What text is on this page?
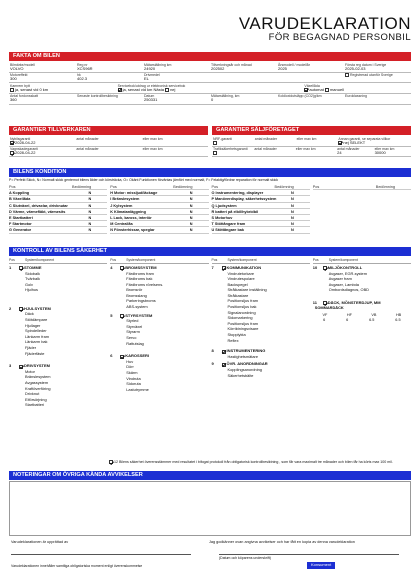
VARUDEKLARATION
FÖR BEGAGNAD PERSONBIL
FAKTA OM BILEN
Bilmärke/modell
VOLVO
Reg nr
XCS96R
Mätarställning km
24920
Tillverkningsår och månad
202502
Årsmodell / modellår
2025
Första reg datum i Sverige
2025-02-03
Motoreffekt
300
hk
402.3
Drivmedel
EL
Registrerad utanför Sverige
Kamrem bytt
ja, senast vid 0 km
Servicebok/utdrag ur elektronisk servicebok
ja, senast vid km Nästa nej
Växellåda
automat manuell
Antal fordonsskatt
360
Senaste kontrollbesiktning	Datum
250331
Mätarställning, km
0
Koldioxidutsläpp (CO2)g/km	Euroklassning
GARANTIER TILLVERKAREN	GARANTIER SÄLJFÖRETAGET
Nybilsgaranti
2028-04-22
antal månader	eller max km
Vagnskadegaranti
2028-04-22
antal månader	eller max km
NRF-garanti	antal månader	eller max km	Annan garanti, se separata villkor
nej SELEKT
Trafiksäkerhetsgaranti	antal månader	eller max km	antal månader
24
eller max km
30000
BILENS KONDITION
P= Perfekt Skick, N= Normalt skick gentemot bilens ålder och körsträcka, O= Okänt Funktionen förväntas jämfört med normalt, F= Felaktig/fördrar reparation för normalt skick
Pos	Bedömning
A Koppling	N
B Växellåda	N
C Slutväxel, drivaxlar, drivknutar	N
D Värme, värmefläkt, värmesits	N
E Startbatteri	N
F Startmotor	N
G Generator	N
Pos	Bedömning
H Motor: missljud/läckage	N
I Bränslesystem	N
J Kylsystem	N
K Klimatanläggning	N
L Lack, kaross, interiör	N
M Centrallås	N
N Fönsterhissar, speglar	N
Pos	Bedömning
O Instrumentering, displayer	N
P Manöverdisplay, säkerhetssystem	N
Q Ljudsystem	N
R batteri på elbil/hybridbil	N
S Motorhuv	N
T Stöttångare fram	N
U Stöttångare bak	N
Pos	Bedömning
KONTROLL AV BILENS SÄKERHET
Pos	System/komponent
1	STOMME
Sidobalk
Tvärbalk
Golv
Hjulhus
2	HJULSYSTEM
Däck
Stötdämpare
Hjullager
Spindelleder
Länkarm fram
Länkarm bak
Fjäder
Fjäderfäste
3	DRIVSYSTEM
Motor
Bränslesystem
Avgassystem
Kraftöverföring
Drivknut
Elförsörjning
Startbatteri
Pos	System/komponent
4	BROMSSYSTEM
Färdbroms fram
Färdbroms bak
Färdbroms rörelsens.
Bromsrör
Bromsslang
Parkeringsbroms
ABS-system
5	STYRSYSTEM
Styrled
Styrväxel
Styrarm
Servo
Rattutslag
6	KAROSSERI
Huv
Dörr
Skärm
Vindruta
Sidoruta
Lastutrymme
Pos	System/komponent
7	KOMMUNIKATION
Vindrutetorkare
Vindrutespolare
Backspegel
Strålkastare inställning
Strålkastare
Positionsljus fram
Positionsljus bak
Signalanordning
Sidomarkering
Positionsljus fram
Körriktningsvisare
Stopplykta
Reflex
8	INSTRUMENTERING
Hastighetsmätare
9	ÖVR. ANORDNINGAR
Kopplingsanordning
Säkerhetsbälte
Pos	System/komponent
10	MILJÖKONTROLL
Avgaser, EGR-system
Avgaser fram
Avgaser, Lambda
Ombordsdiagnos, OBD
11	DÄCK, MÖNSTERDJUP, MM
SOMMARDÄCK
VF	HF	VB	HB
6	6	6.5	6.5
12 Bilens säkerhet överensstämmer med resultatet i bifogat protokoll från obligatorisk kontrollbesiktning , som får vara maximalt tre månader och bilen får ha körts max 100 mil.
NOTERINGAR OM ÖVRIGA KÄNDA AVVIKELSER
Varudeklarationen är upprättad av	Jag godkänner ovan angivna avvikelser och har fått en kopia av denna varudeklaration
(Datum och köparens underskrift)
Varudeklarationen innehåller samtliga obligatoriska moment enligt överenskommelse	Konsument
